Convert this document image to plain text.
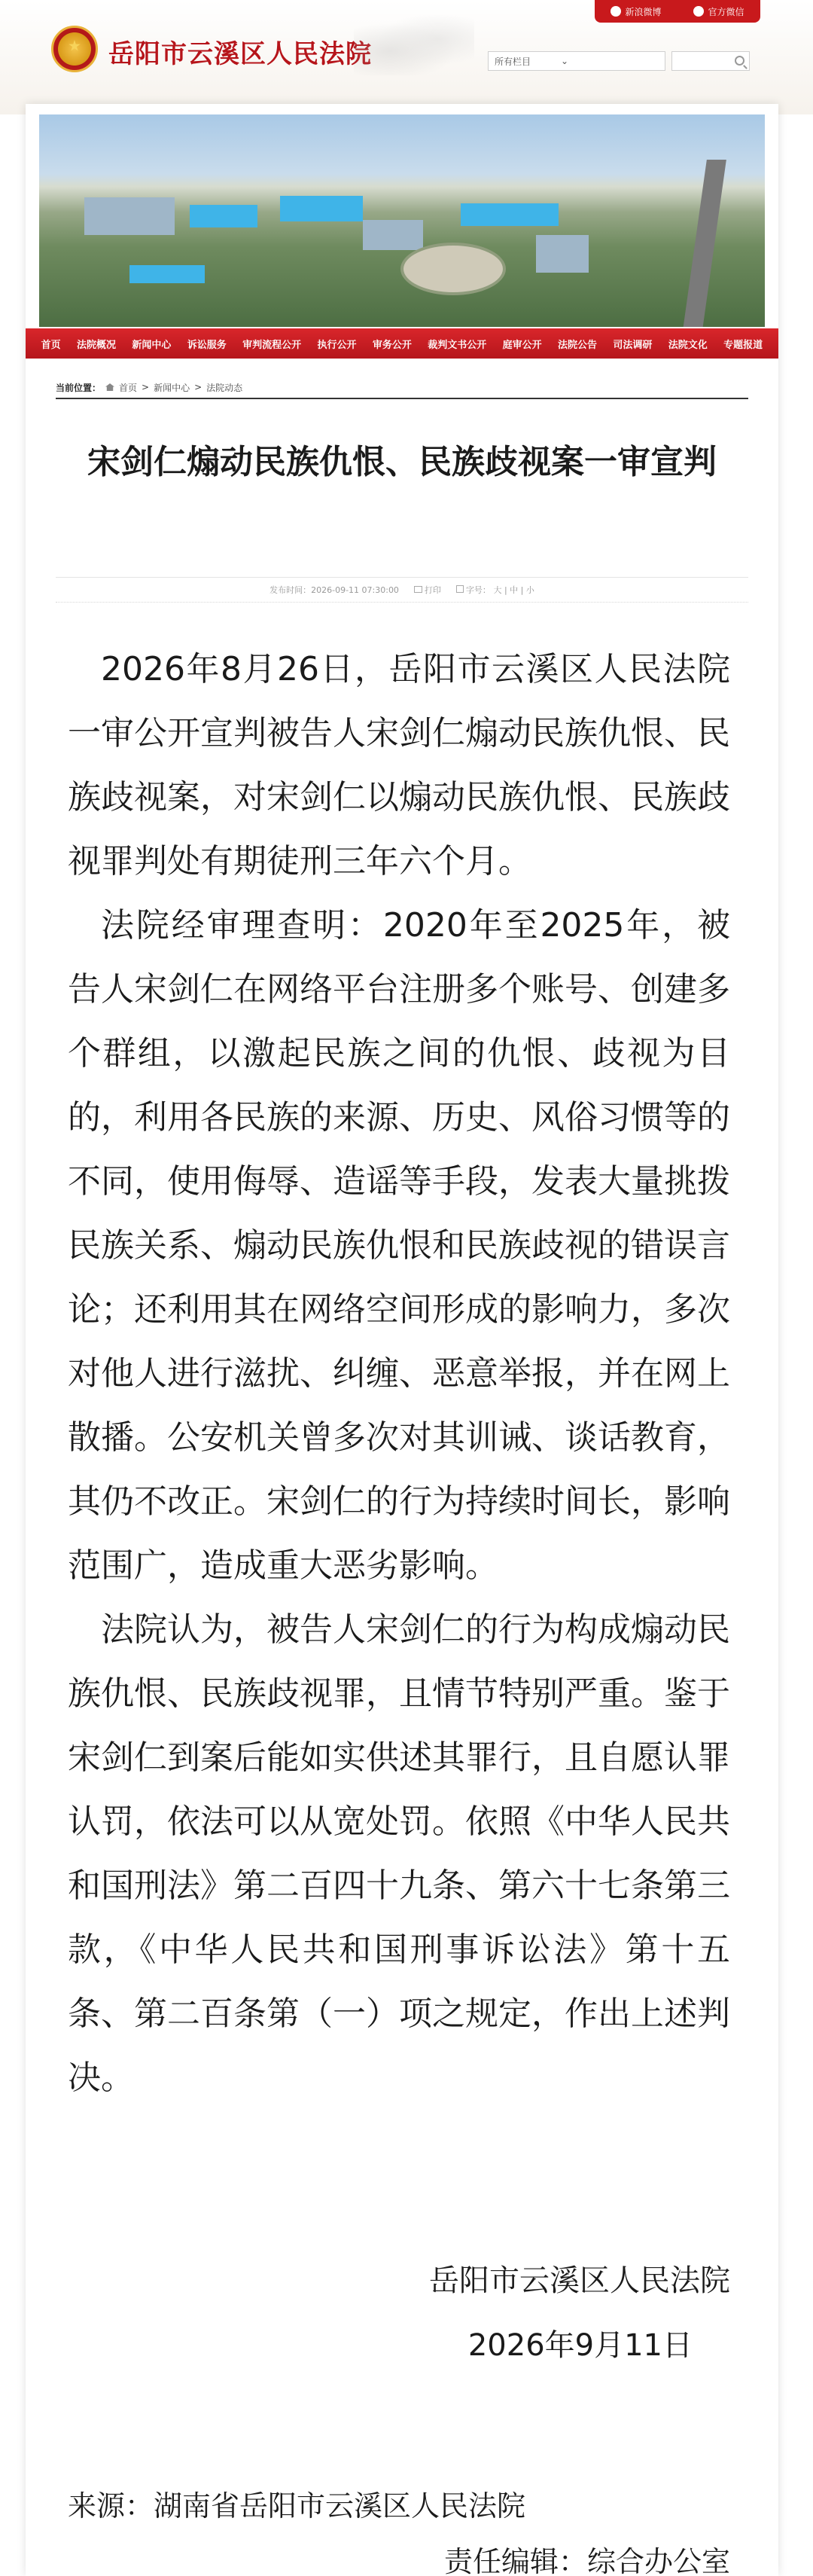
新浪微博	官方微信
岳阳市云溪区人民法院	所有栏目	⌄
首页 法院概况 新闻中心 诉讼服务 审判流程公开 执行公开 审务公开 裁判文书公开 庭审公开 法院公告 司法调研 法院文化 专题报道
当前位置： 首页 > 新闻中心 > 法院动态
宋剑仁煽动民族仇恨、民族歧视案一审宣判
发布时间：2026-09-11 07:30:00	打印	字号： 大 | 中 | 小

2026年8月26日，岳阳市云溪区人民法院一审公开宣判被告人宋剑仁煽动民族仇恨、民族歧视案，对宋剑仁以煽动民族仇恨、民族歧视罪判处有期徒刑三年六个月。

法院经审理查明：2020年至2025年，被告人宋剑仁在网络平台注册多个账号、创建多个群组，以激起民族之间的仇恨、歧视为目的，利用各民族的来源、历史、风俗习惯等的不同，使用侮辱、造谣等手段，发表大量挑拨民族关系、煽动民族仇恨和民族歧视的错误言论；还利用其在网络空间形成的影响力，多次对他人进行滋扰、纠缠、恶意举报，并在网上散播。公安机关曾多次对其训诫、谈话教育，其仍不改正。宋剑仁的行为持续时间长，影响范围广，造成重大恶劣影响。

法院认为，被告人宋剑仁的行为构成煽动民族仇恨、民族歧视罪，且情节特别严重。鉴于宋剑仁到案后能如实供述其罪行，且自愿认罪认罚，依法可以从宽处罚。依照《中华人民共和国刑法》第二百四十九条、第六十七条第三款，《中华人民共和国刑事诉讼法》第十五条、第二百条第（一）项之规定，作出上述判决。

岳阳市云溪区人民法院
2026年9月11日
来源：湖南省岳阳市云溪区人民法院
责任编辑：综合办公室
